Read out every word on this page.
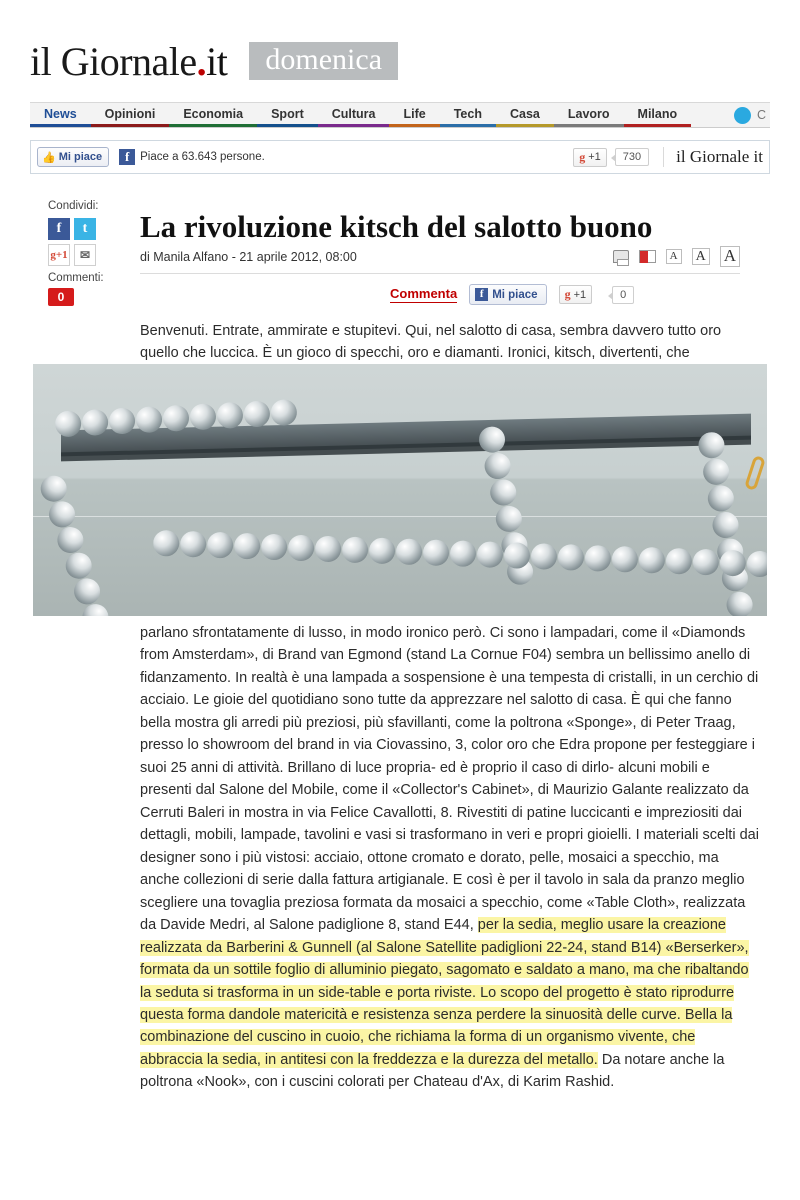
il Giornale.it	domenica
News	Opinioni	Economia	Sport	Cultura	Life	Tech	Casa	Lavoro	Milano	C
👍 Mi piace	f Piace a 63.643 persone.	g +1	730	il Giornale it
Condividi:
f	t
g+1	✉
Commenti:
0
La rivoluzione kitsch del salotto buono
di Manila Alfano - 21 aprile 2012, 08:00	A A A
Commenta	f Mi piace g +1	0
Benvenuti. Entrate, ammirate e stupitevi. Qui, nel salotto di casa, sembra davvero tutto oro quello che luccica. È un gioco di specchi, oro e diamanti. Ironici, kitsch, divertenti, che

parlano sfrontatamente di lusso, in modo ironico però. Ci sono i lampadari, come il «Diamonds from Amsterdam», di Brand van Egmond (stand La Cornue F04) sembra un bellissimo anello di fidanzamento. In realtà è una lampada a sospensione è una tempesta di cristalli, in un cerchio di acciaio. Le gioie del quotidiano sono tutte da apprezzare nel salotto di casa. È qui che fanno bella mostra gli arredi più preziosi, più sfavillanti, come la poltrona «Sponge», di Peter Traag, presso lo showroom del brand in via Ciovassino, 3, color oro che Edra propone per festeggiare i suoi 25 anni di attività. Brillano di luce propria- ed è proprio il caso di dirlo- alcuni mobili e presenti dal Salone del Mobile, come il «Collector's Cabinet», di Maurizio Galante realizzato da Cerruti Baleri in mostra in via Felice Cavallotti, 8. Rivestiti di patine luccicanti e impreziositi dai dettagli, mobili, lampade, tavolini e vasi si trasformano in veri e propri gioielli. I materiali scelti dai designer sono i più vistosi: acciaio, ottone cromato e dorato, pelle, mosaici a specchio, ma anche collezioni di serie dalla fattura artigianale. E così è per il tavolo in sala da pranzo meglio scegliere una tovaglia preziosa formata da mosaici a specchio, come «Table Cloth», realizzata da Davide Medri, al Salone padiglione 8, stand E44, per la sedia, meglio usare la creazione realizzata da Barberini & Gunnell (al Salone Satellite padiglioni 22-24, stand B14) «Berserker», formata da un sottile foglio di alluminio piegato, sagomato e saldato a mano, ma che ribaltando la seduta si trasforma in un side-table e porta riviste. Lo scopo del progetto è stato riprodurre questa forma dandole matericità e resistenza senza perdere la sinuosità delle curve. Bella la combinazione del cuscino in cuoio, che richiama la forma di un organismo vivente, che abbraccia la sedia, in antitesi con la freddezza e la durezza del metallo. Da notare anche la poltrona «Nook», con i cuscini colorati per Chateau d'Ax, di Karim Rashid.
